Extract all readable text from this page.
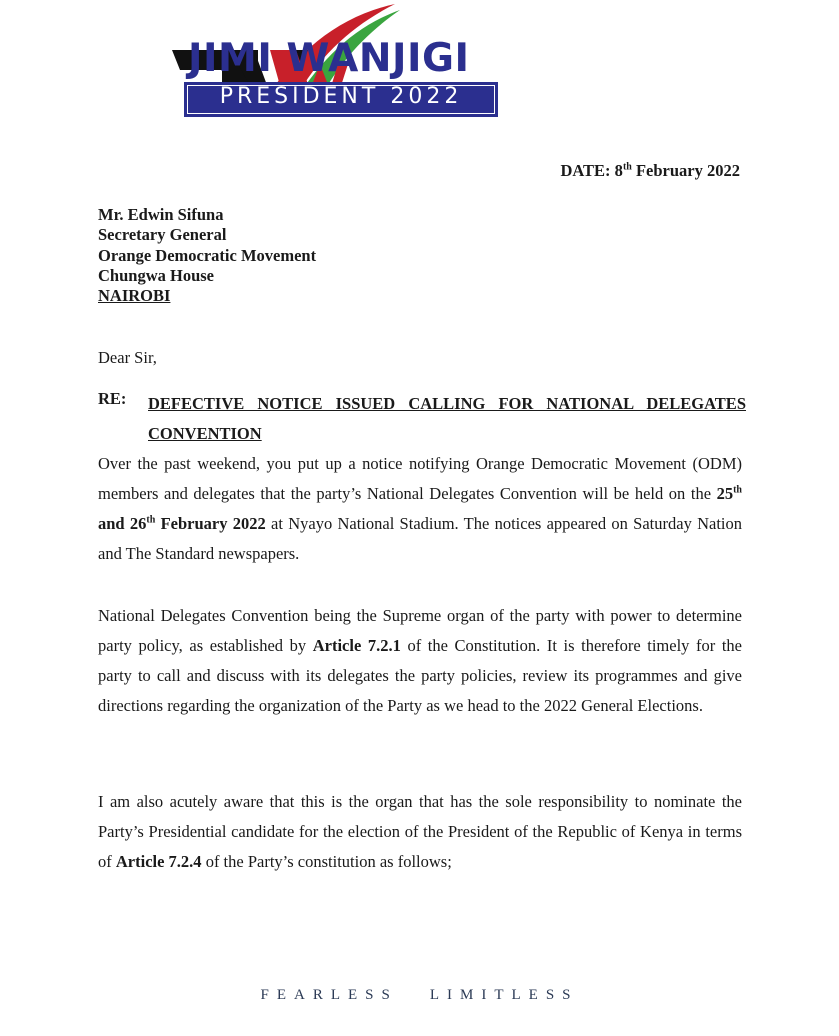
JIMI WANJIGI
PRESIDENT 2022
DATE: 8th February 2022
Mr. Edwin Sifuna
Secretary General
Orange Democratic Movement
Chungwa House
NAIROBI
Dear Sir,
RE: DEFECTIVE NOTICE ISSUED CALLING FOR NATIONAL DELEGATES CONVENTION
Over the past weekend, you put up a notice notifying Orange Democratic Movement (ODM) members and delegates that the party’s National Delegates Convention will be held on the 25th and 26th February 2022 at Nyayo National Stadium. The notices appeared on Saturday Nation and The Standard newspapers.
National Delegates Convention being the Supreme organ of the party with power to determine party policy, as established by Article 7.2.1 of the Constitution. It is therefore timely for the party to call and discuss with its delegates the party policies, review its programmes and give directions regarding the organization of the Party as we head to the 2022 General Elections.
I am also acutely aware that this is the organ that has the sole responsibility to nominate the Party’s Presidential candidate for the election of the President of the Republic of Kenya in terms of Article 7.2.4 of the Party’s constitution as follows;
FEARLESS LIMITLESS
